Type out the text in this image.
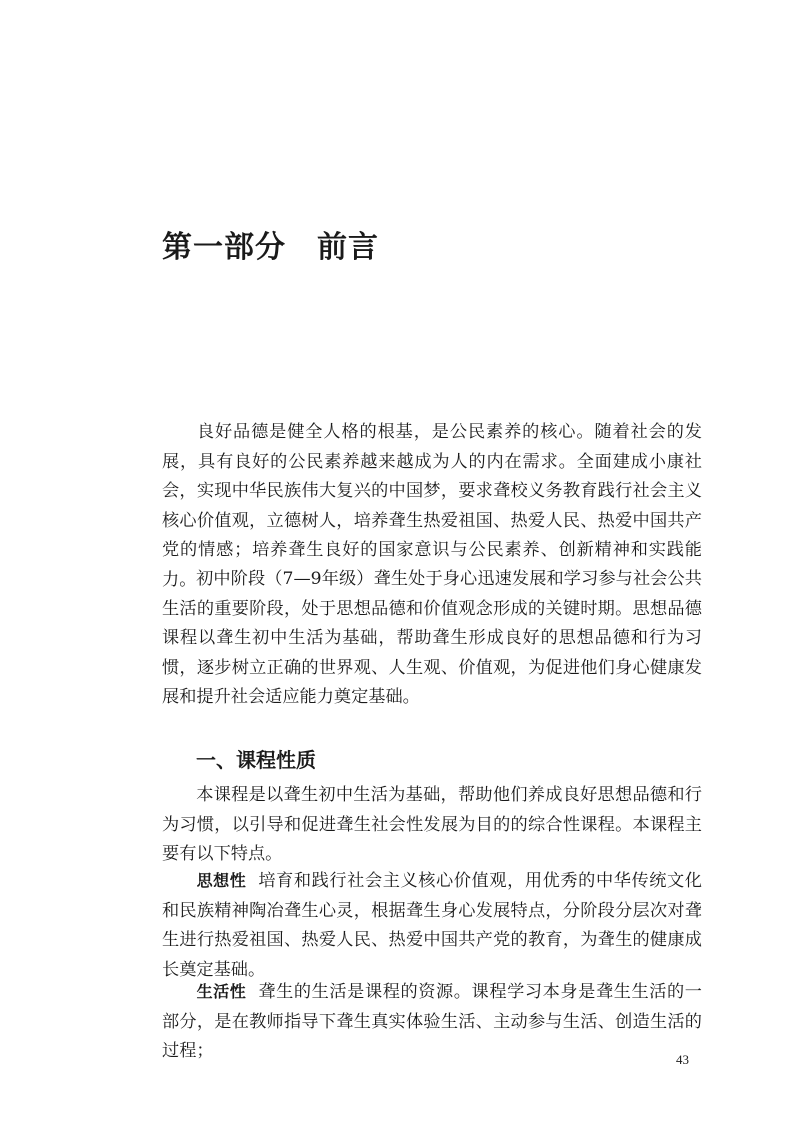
第一部分　前言

良好品德是健全人格的根基，是公民素养的核心。随着社会的发展，具有良好的公民素养越来越成为人的内在需求。全面建成小康社会，实现中华民族伟大复兴的中国梦，要求聋校义务教育践行社会主义核心价值观，立德树人，培养聋生热爱祖国、热爱人民、热爱中国共产党的情感；培养聋生良好的国家意识与公民素养、创新精神和实践能力。 初中阶段（7—9年级）聋生处于身心迅速发展和学习参与社会公共生活的重要阶段，处于思想品德和价值观念形成的关键时期。思想品德课程以聋生初中生活为基础，帮助聋生形成良好的思想品德和行为习惯，逐步树立正确的世界观、人生观、价值观，为促进他们身心健康发展和提升社会适应能力奠定基础。

一、课程性质

本课程是以聋生初中生活为基础，帮助他们养成良好思想品德和行为习惯，以引导和促进聋生社会性发展为目的的综合性课程。本课程主要有以下特点。

思想性 培育和践行社会主义核心价值观，用优秀的中华传统文化和民族精神陶冶聋生心灵，根据聋生身心发展特点，分阶段分层次对聋生进行热爱祖国、热爱人民、热爱中国共产党的教育，为聋生的健康成长奠定基础。

生活性 聋生的生活是课程的资源。课程学习本身是聋生生活的一部分，是在教师指导下聋生真实体验生活、主动参与生活、创造生活的过程；	43
